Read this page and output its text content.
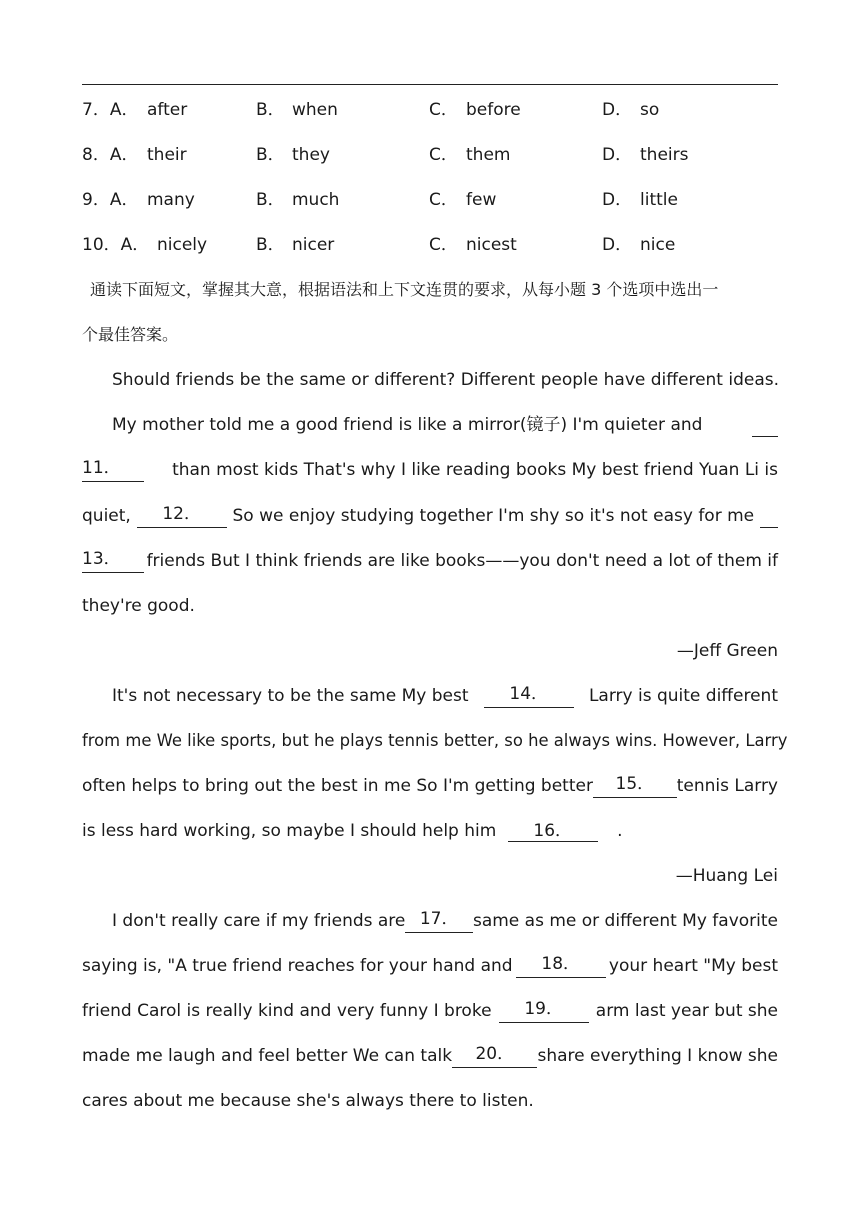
7．A． after	B． when	C． before	D． so
8．A． their	B． they	C． them	D． theirs
9．A． many	B． much	C． few	D． little
10．A． nicely	B． nicer	C． nicest	D． nice
通读下面短文，掌握其大意，根据语法和上下文连贯的要求，从每小题 3 个选项中选出一
个最佳答案。
Should friends be the same or different? Different people have different ideas.
My mother told me a good friend is like a mirror(镜子) I'm quieter and
11．	than most kids That's why I like reading books My best friend Yuan Li is
quiet,	12．	So we enjoy studying together I'm shy so it's not easy for me
13．	friends But I think friends are like books——you don't need a lot of them if
they're good.
—Jeff Green
It's not necessary to be the same My best	14．	Larry is quite different
from me We like sports, but he plays tennis better, so he always wins. However, Larry
often helps to bring out the best in me So I'm getting better	15．	tennis Larry
is less hard working, so maybe I should help him 16．	.
—Huang Lei
I don't really care if my friends are 17． same as me or different My favorite
saying is, "A true friend reaches for your hand and	18．	your heart "My best
friend Carol is really kind and very funny I broke	19．	arm last year but she
made me laugh and feel better We can talk	20．	share everything I know she
cares about me because she's always there to listen.
